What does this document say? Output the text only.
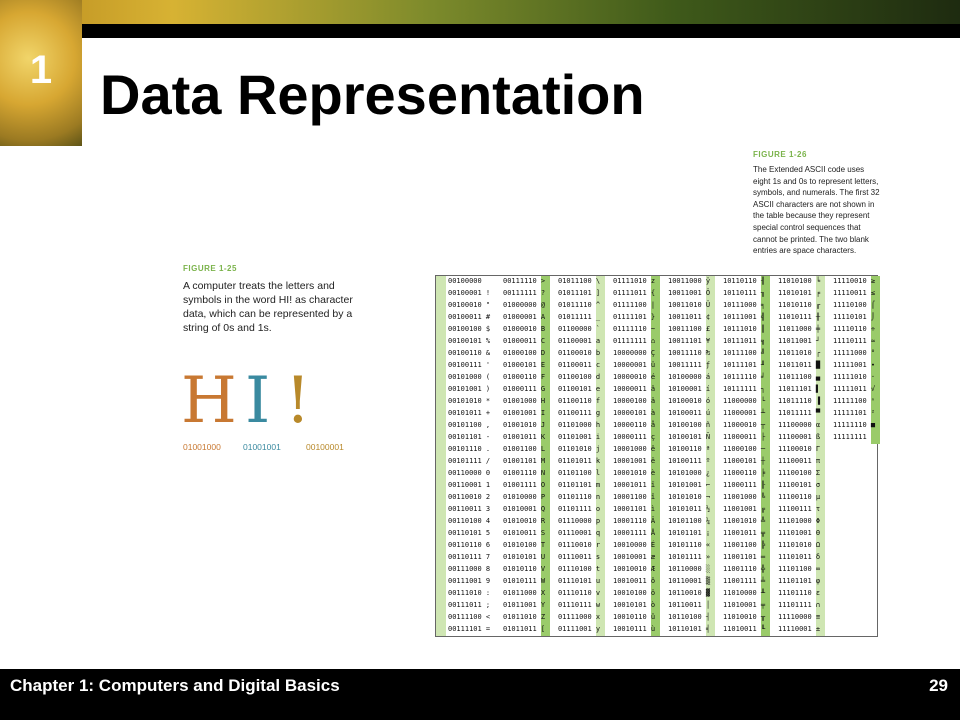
1 Data Representation
FIGURE 1-25
A computer treats the letters and symbols in the word HI! as character data, which can be represented by a string of 0s and 1s.
H I !
01001000	01001001	00100001
FIGURE 1-26
The Extended ASCII code uses eight 1s and 0s to represent letters, symbols, and numerals. The first 32 ASCII characters are not shown in the table because they represent special control sequences that cannot be printed. The two blank entries are space characters.
00100000
00100001 !
00100010 "
00100011 #
00100100 $
00100101 %
00100110 &
00100111 '
00101000 (
00101001 )
00101010 *
00101011 +
00101100 ,
00101101 -
00101110 .
00101111 /
00110000 0
00110001 1
00110010 2
00110011 3
00110100 4
00110101 5
00110110 6
00110111 7
00111000 8
00111001 9
00111010 :
00111011 ;
00111100 <
00111101 =
00111110 >
00111111 ?
01000000 @
01000001 A
01000010 B
01000011 C
01000100 D
01000101 E
01000110 F
01000111 G
01001000 H
01001001 I
01001010 J
01001011 K
01001100 L
01001101 M
01001110 N
01001111 O
01010000 P
01010001 Q
01010010 R
01010011 S
01010100 T
01010101 U
01010110 V
01010111 W
01011000 X
01011001 Y
01011010 Z
01011011 [
01011100 \
01011101 ]
01011110 ^
01011111 _
01100000 `
01100001 a
01100010 b
01100011 c
01100100 d
01100101 e
01100110 f
01100111 g
01101000 h
01101001 i
01101010 j
01101011 k
01101100 l
01101101 m
01101110 n
01101111 o
01110000 p
01110001 q
01110010 r
01110011 s
01110100 t
01110101 u
01110110 v
01110111 w
01111000 x
01111001 y
01111010 z
01111011 {
01111100 |
01111101 }
01111110 ~
01111111 ⌂
10000000 Ç
10000001 ü
10000010 é
10000011 â
10000100 ä
10000101 à
10000110 å
10000111 ç
10001000 ê
10001001 ë
10001010 è
10001011 ï
10001100 î
10001101 ì
10001110 Ä
10001111 Å
10010000 É
10010001 æ
10010010 Æ
10010011 ô
10010100 ö
10010101 ò
10010110 û
10010111 ù
10011000 ÿ
10011001 Ö
10011010 Ü
10011011 ¢
10011100 £
10011101 ¥
10011110 ₧
10011111 ƒ
10100000 á
10100001 í
10100010 ó
10100011 ú
10100100 ñ
10100101 Ñ
10100110 ª
10100111 º
10101000 ¿
10101001 ⌐
10101010 ¬
10101011 ½
10101100 ¼
10101101 ¡
10101110 «
10101111 »
10110000 ░
10110001 ▒
10110010 ▓
10110011 │
10110100 ┤
10110101 ╡
10110110 ╢
10110111 ╖
10111000 ╕
10111001 ╣
10111010 ║
10111011 ╗
10111100 ╝
10111101 ╜
10111110 ╛
10111111 ┐
11000000 └
11000001 ┴
11000010 ┬
11000011 ├
11000100 ─
11000101 ┼
11000110 ╞
11000111 ╟
11001000 ╚
11001001 ╔
11001010 ╩
11001011 ╦
11001100 ╠
11001101 ═
11001110 ╬
11001111 ╧
11010000 ╨
11010001 ╤
11010010 ╥
11010011 ╙
11010100 ╘
11010101 ╒
11010110 ╓
11010111 ╫
11011000 ╪
11011001 ┘
11011010 ┌
11011011 █
11011100 ▄
11011101 ▌
11011110 ▐
11011111 ▀
11100000 α
11100001 ß
11100010 Γ
11100011 π
11100100 Σ
11100101 σ
11100110 µ
11100111 τ
11101000 Φ
11101001 Θ
11101010 Ω
11101011 δ
11101100 ∞
11101101 φ
11101110 ε
11101111 ∩
11110000 ≡
11110001 ±
11110010 ≥
11110011 ≤
11110100 ⌠
11110101 ⌡
11110110 ÷
11110111 ≈
11111000 °
11111001 ∙
11111010 ·
11111011 √
11111100 ⁿ
11111101 ²
11111110 ■
11111111
Chapter 1: Computers and Digital Basics	29
